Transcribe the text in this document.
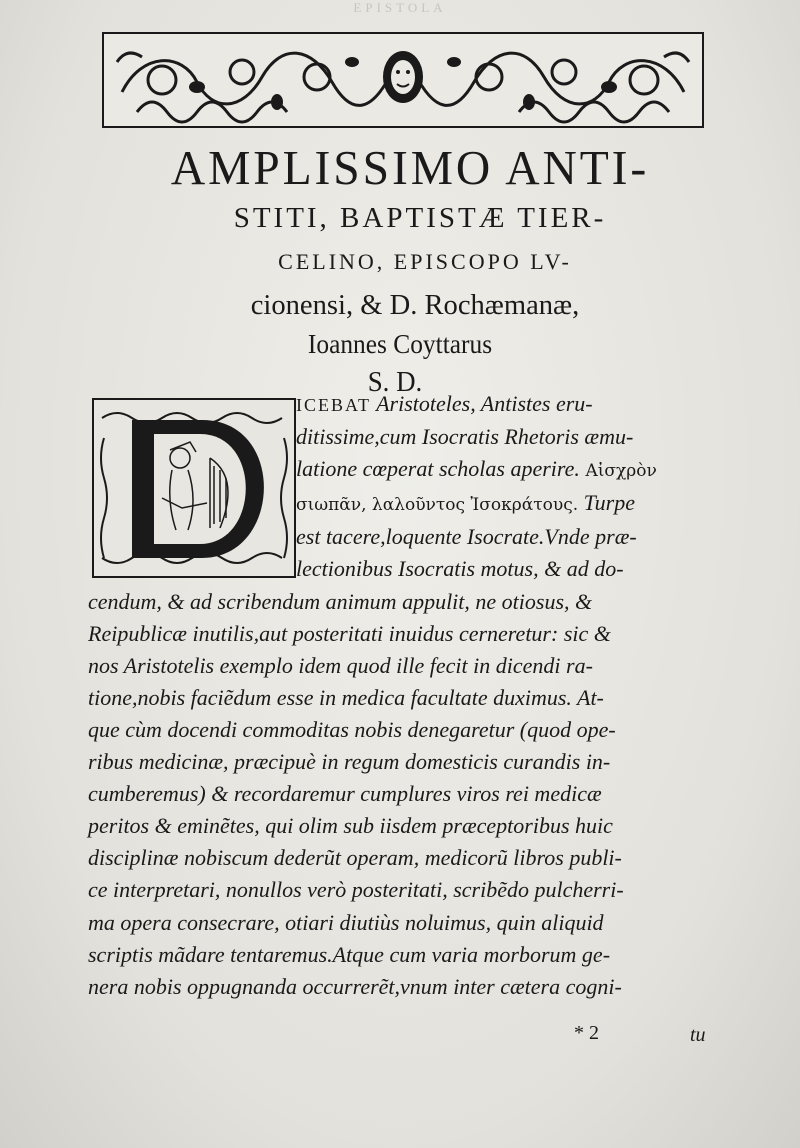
EPISTOLA
AMPLISSIMO ANTI-
STITI, BAPTISTÆ TIER-
CELINO, EPISCOPO LV-
cionensi, & D. Rochæmanæ,
Ioannes Coyttarus
S. D.
ICEBAT Aristoteles, Antistes eru-
ditissime,cum Isocratis Rhetoris æmu-
latione cœperat scholas aperire. Αἰσχρὸν
σιωπᾶν, λαλοῦντος Ἰσοκράτους. Turpe
est tacere,loquente Isocrate.Vnde præ-
lectionibus Isocratis motus, & ad do-
cendum, & ad scribendum animum appulit, ne otiosus, &
Reipublicæ inutilis,aut posteritati inuidus cerneretur: sic &
nos Aristotelis exemplo idem quod ille fecit in dicendi ra-
tione,nobis faciẽdum esse in medica facultate duximus. At-
que cùm docendi commoditas nobis denegaretur (quod ope-
ribus medicinæ, præcipuè in regum domesticis curandis in-
cumberemus) & recordaremur cumplures viros rei medicæ
peritos & eminẽtes, qui olim sub iisdem præceptoribus huic
disciplinæ nobiscum dederũt operam, medicorũ libros publi-
ce interpretari, nonullos verò posteritati, scribẽdo pulcherri-
ma opera consecrare, otiari diutiùs noluimus, quin aliquid
scriptis mãdare tentaremus.Atque cum varia morborum ge-
nera nobis oppugnanda occurrerẽt,vnum inter cætera cogni-
* 2	tu
